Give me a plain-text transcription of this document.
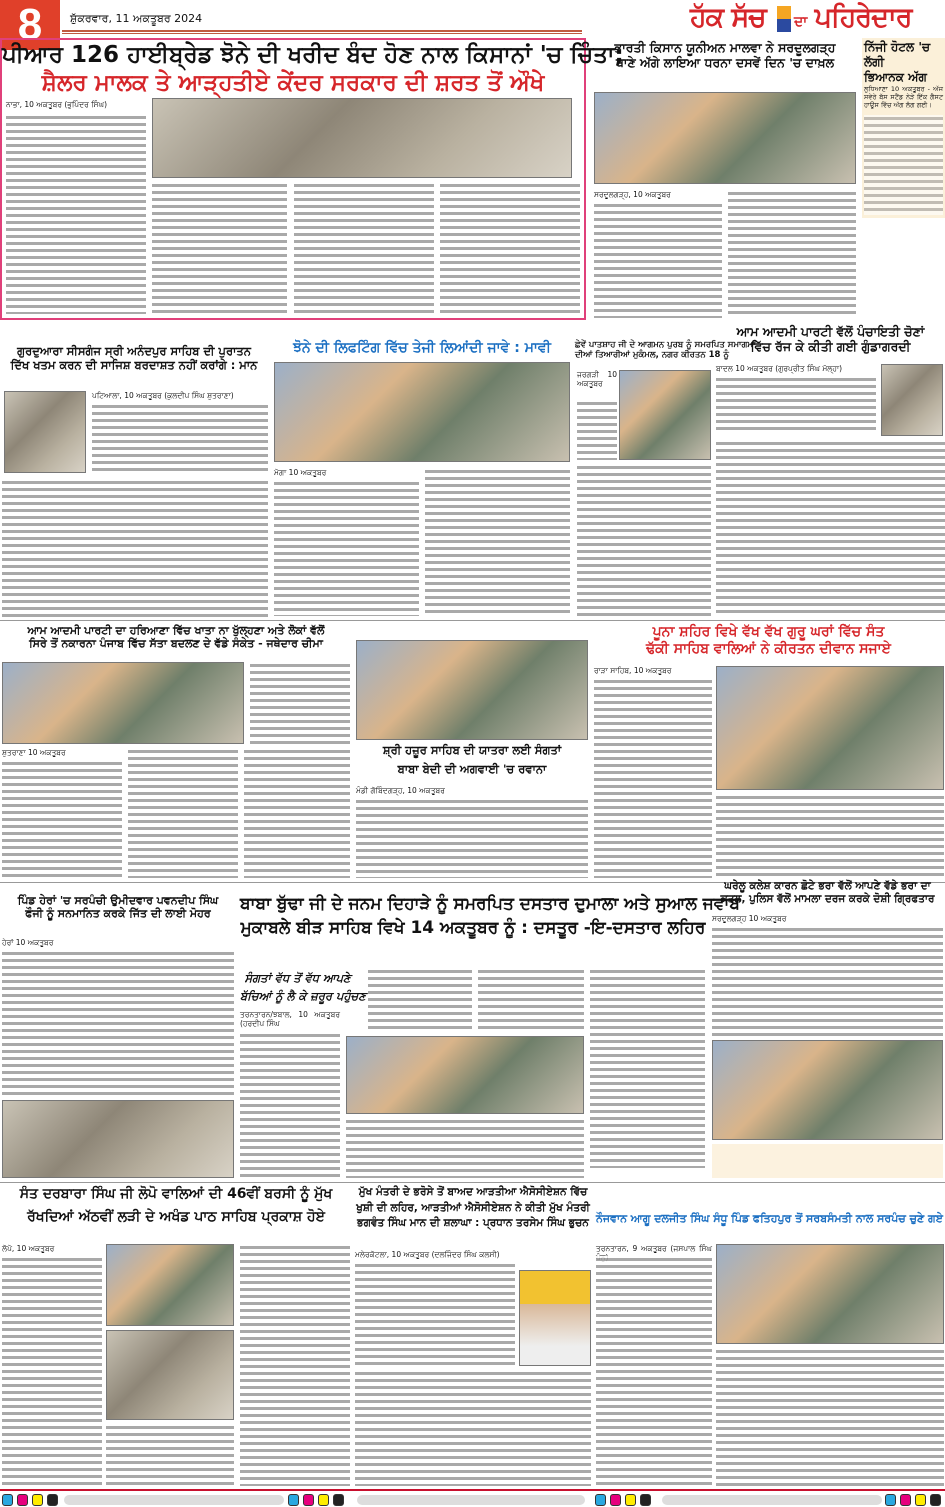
8	ਸ਼ੁੱਕਰਵਾਰ, 11 ਅਕਤੂਬਰ 2024	ਹੱਕ ਸੱਚ ਦਾ ਪਹਿਰੇਦਾਰ
ਪੀਆਰ 126 ਹਾਈਬ੍ਰੇਡ ਝੋਨੇ ਦੀ ਖਰੀਦ ਬੰਦ ਹੋਣ ਨਾਲ ਕਿਸਾਨਾਂ 'ਚ ਚਿੰਤਾ;
ਸ਼ੈਲਰ ਮਾਲਕ ਤੇ ਆੜ੍ਹਤੀਏ ਕੇਂਦਰ ਸਰਕਾਰ ਦੀ ਸ਼ਰਤ ਤੋਂ ਔਖੇ
ਨਾਭਾ, 10 ਅਕਤੂਬਰ (ਭੁਪਿੰਦਰ ਸਿੰਘ)
ਭਾਰਤੀ ਕਿਸਾਨ ਯੂਨੀਅਨ ਮਾਲਵਾ ਨੇ ਸਰਦੂਲਗੜ੍ਹ
ਥਾਣੇ ਅੱਗੇ ਲਾਇਆ ਧਰਨਾ ਦਸਵੇਂ ਦਿਨ 'ਚ ਦਾਖ਼ਲ
ਸਰਦੂਲਗੜ੍ਹ, 10 ਅਕਤੂਬਰ
ਨਿੱਜੀ ਹੋਟਲ 'ਚ ਲੱਗੀ
ਭਿਆਨਕ ਅੱਗ
ਲੁਧਿਆਣਾ 10 ਅਕਤੂਬਰ - ਅੱਜ ਸਵੇਰੇ ਬੱਸ ਸਟੈਂਡ ਨੇੜੇ ਇੱਕ ਗੈਸਟ ਹਾਊਸ ਵਿੱਚ ਅੱਗ ਲੱਗ ਗਈ।
ਆਮ ਆਦਮੀ ਪਾਰਟੀ ਵੱਲੋਂ ਪੰਚਾਇਤੀ ਚੋਣਾਂ
ਵਿੱਚ ਰੱਜ ਕੇ ਕੀਤੀ ਗਈ ਗੁੰਡਾਗਰਦੀ
ਬਾਦਲ 10 ਅਕਤੂਬਰ (ਗੁਰਪ੍ਰੀਤ ਸਿੰਘ ਮੱਲ੍ਹਾ)
ਗੁਰਦੁਆਰਾ ਸੀਸਗੰਜ ਸ੍ਰੀ ਅਨੰਦਪੁਰ ਸਾਹਿਬ ਦੀ ਪੁਰਾਤਨ
ਦਿੱਖ ਖਤਮ ਕਰਨ ਦੀ ਸਾਜਿਸ਼ ਬਰਦਾਸ਼ਤ ਨਹੀਂ ਕਰਾਂਗੇ : ਮਾਨ
ਪਟਿਆਲਾ, 10 ਅਕਤੂਬਰ (ਕੁਲਦੀਪ ਸਿੰਘ ਸ਼ੁਤਰਾਣਾ)
ਝੋਨੇ ਦੀ ਲਿਫਟਿੰਗ ਵਿੱਚ ਤੇਜੀ ਲਿਆਂਦੀ ਜਾਵੇ : ਮਾਵੀ
ਮੋਗਾ 10 ਅਕਤੂਬਰ
ਛੇਵੇਂ ਪਾਤਸ਼ਾਹ ਜੀ ਦੇ ਆਗਮਨ ਪੁਰਬ ਨੂੰ ਸਮਰਪਿਤ ਸਮਾਗਮਾਂ
ਦੀਆਂ ਤਿਆਰੀਆਂ ਮੁਕੰਮਲ, ਨਗਰ ਕੀਰਤਨ 18 ਨੂੰ
ਜਰਗੜੀ 10 ਅਕਤੂਬਰ
ਆਮ ਆਦਮੀ ਪਾਰਟੀ ਦਾ ਹਰਿਆਣਾ ਵਿੱਚ ਖਾਤਾ ਨਾ ਖੁੱਲ੍ਹਣਾ ਅਤੇ ਲੋਕਾਂ ਵੱਲੋਂ
ਸਿਰੇ ਤੋਂ ਨਕਾਰਨਾ ਪੰਜਾਬ ਵਿੱਚ ਸੱਤਾ ਬਦਲਣ ਦੇ ਵੱਡੇ ਸੰਕੇਤ - ਜਥੇਦਾਰ ਚੀਮਾ
ਸ਼ੁਤਰਾਣਾ 10 ਅਕਤੂਬਰ	ਸ਼੍ਰੀ ਹਜ਼ੂਰ ਸਾਹਿਬ ਦੀ ਯਾਤਰਾ ਲਈ ਸੰਗਤਾਂ
ਬਾਬਾ ਬੇਦੀ ਦੀ ਅਗਵਾਈ 'ਚ ਰਵਾਨਾ
ਮੰਡੀ ਗੋਬਿੰਦਗੜ੍ਹ, 10 ਅਕਤੂਬਰ
ਪੂਨਾ ਸ਼ਹਿਰ ਵਿਖੇ ਵੱਖ ਵੱਖ ਗੁਰੂ ਘਰਾਂ ਵਿੱਚ ਸੰਤ
ਢੱਕੀ ਸਾਹਿਬ ਵਾਲਿਆਂ ਨੇ ਕੀਰਤਨ ਦੀਵਾਨ ਸਜਾਏ
ਰਾੜਾ ਸਾਹਿਬ, 10 ਅਕਤੂਬਰ
ਪਿੰਡ ਹੇਰਾਂ 'ਚ ਸਰਪੰਚੀ ਉਮੀਦਵਾਰ ਪਵਨਦੀਪ ਸਿੰਘ
ਫੌਜੀ ਨੂੰ ਸਨਮਾਨਿਤ ਕਰਕੇ ਜਿੱਤ ਦੀ ਲਾਈ ਮੋਹਰ
ਹੇਰਾਂ 10 ਅਕਤੂਬਰ
ਬਾਬਾ ਬੁੱਢਾ ਜੀ ਦੇ ਜਨਮ ਦਿਹਾੜੇ ਨੂੰ ਸਮਰਪਿਤ ਦਸਤਾਰ ਦੁਮਾਲਾ ਅਤੇ ਸੁਆਲ ਜਵਾਬ
ਮੁਕਾਬਲੇ ਬੀੜ ਸਾਹਿਬ ਵਿਖੇ 14 ਅਕਤੂਬਰ ਨੂੰ : ਦਸਤੂਰ -ਇ-ਦਸਤਾਰ ਲਹਿਰ
ਸੰਗਤਾਂ ਵੱਧ ਤੋਂ ਵੱਧ ਆਪਣੇ
ਬੱਚਿਆਂ ਨੂੰ ਲੈ ਕੇ ਜ਼ਰੂਰ ਪਹੁੰਚਣ
ਤਰਨਤਾਰਨ/ਝਬਾਲ, 10 ਅਕਤੂਬਰ (ਹਰਦੀਪ ਸਿੰਘ
ਘਰੇਲੂ ਕਲੇਸ਼ ਕਾਰਨ ਛੋਟੇ ਭਰਾ ਵੱਲੋਂ ਆਪਣੇ ਵੱਡੇ ਭਰਾ ਦਾ
ਕਤਲ, ਪੁਲਿਸ ਵੱਲੋਂ ਮਾਮਲਾ ਦਰਜ ਕਰਕੇ ਦੋਸ਼ੀ ਗ੍ਰਿਫਤਾਰ
ਸਰਦੂਲਗੜ੍ਹ 10 ਅਕਤੂਬਰ
ਸੰਤ ਦਰਬਾਰਾ ਸਿੰਘ ਜੀ ਲੋਪੋ ਵਾਲਿਆਂ ਦੀ 46ਵੀਂ ਬਰਸੀ ਨੂੰ ਮੁੱਖ
ਰੱਖਦਿਆਂ ਅੱਠਵੀਂ ਲੜੀ ਦੇ ਅਖੰਡ ਪਾਠ ਸਾਹਿਬ ਪ੍ਰਕਾਸ਼ ਹੋਏ
ਲੋਪੋ, 10 ਅਕਤੂਬਰ
ਮੁੱਖ ਮੰਤਰੀ ਦੇ ਭਰੋਸੇ ਤੋਂ ਬਾਅਦ ਆੜਤੀਆ ਐਸੋਸੀਏਸ਼ਨ ਵਿੱਚ
ਖੁਸ਼ੀ ਦੀ ਲਹਿਰ, ਆੜਤੀਆਂ ਐਸੋਸੀਏਸ਼ਨ ਨੇ ਕੀਤੀ ਮੁੱਖ ਮੰਤਰੀ
ਭਗਵੰਤ ਸਿੰਘ ਮਾਨ ਦੀ ਸ਼ਲਾਘਾ : ਪ੍ਰਧਾਨ ਤਰਸੇਮ ਸਿੰਘ ਭੁਚਨ
ਮਲੇਰਕੋਟਲਾ, 10 ਅਕਤੂਬਰ (ਦਲਜਿੰਦਰ ਸਿੰਘ ਕਲਸੀ)
ਨੌਜਵਾਨ ਆਗੂ ਦਲਜੀਤ ਸਿੰਘ ਸੰਧੂ ਪਿੰਡ ਫਤਿਹਪੁਰ ਤੋਂ ਸਰਬਸੰਮਤੀ ਨਾਲ ਸਰਪੰਚ ਚੁਣੇ ਗਏ
ਤਰਨਤਾਰਨ, 9 ਅਕਤੂਬਰ (ਜਸਪਾਲ ਸਿੰਘ
